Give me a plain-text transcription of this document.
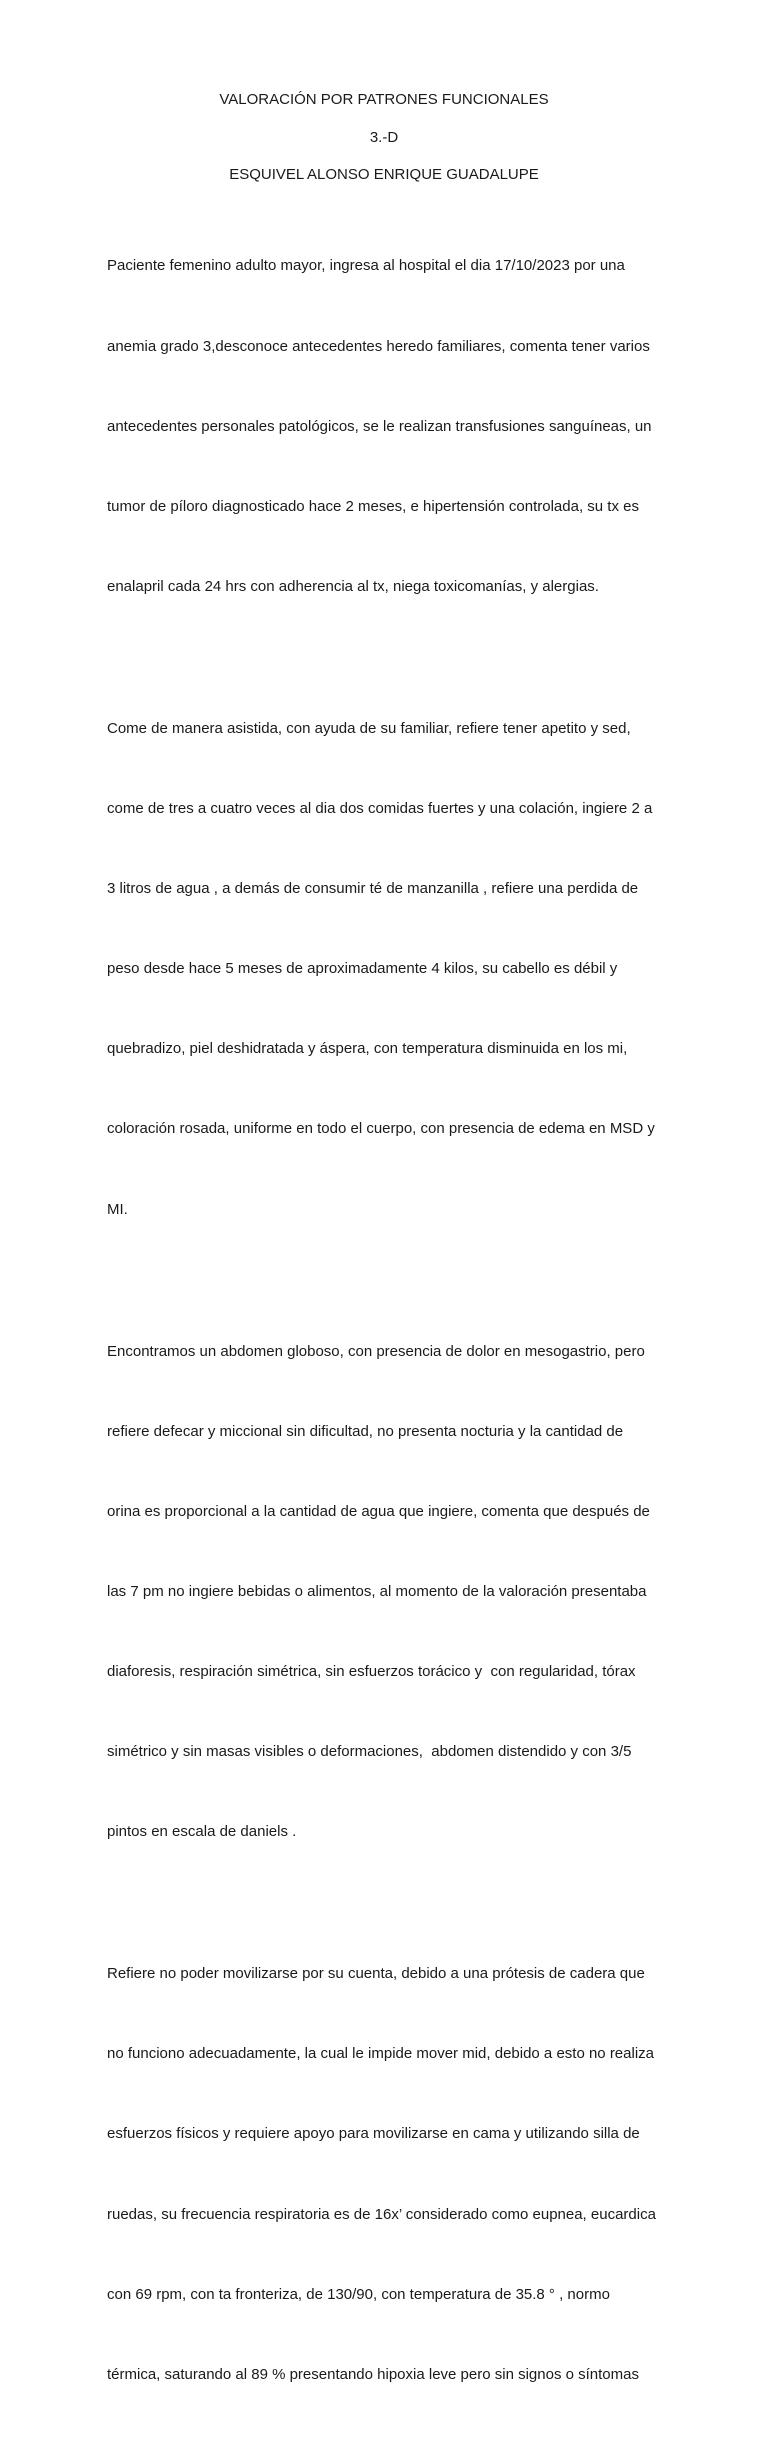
VALORACIÓN POR PATRONES FUNCIONALES
3.-D
ESQUIVEL ALONSO ENRIQUE GUADALUPE

Paciente femenino adulto mayor, ingresa al hospital el dia 17/10/2023 por una

anemia grado 3,desconoce antecedentes heredo familiares, comenta tener varios

antecedentes personales patológicos, se le realizan transfusiones sanguíneas, un

tumor de píloro diagnosticado hace 2 meses, e hipertensión controlada, su tx es

enalapril cada 24 hrs con adherencia al tx, niega toxicomanías, y alergias.

Come de manera asistida, con ayuda de su familiar, refiere tener apetito y sed,

come de tres a cuatro veces al dia dos comidas fuertes y una colación, ingiere 2 a

3 litros de agua , a demás de consumir té de manzanilla , refiere una perdida de

peso desde hace 5 meses de aproximadamente 4 kilos, su cabello es débil y

quebradizo, piel deshidratada y áspera, con temperatura disminuida en los mi,

coloración rosada, uniforme en todo el cuerpo, con presencia de edema en MSD y

MI.

Encontramos un abdomen globoso, con presencia de dolor en mesogastrio, pero

refiere defecar y miccional sin dificultad, no presenta nocturia y la cantidad de

orina es proporcional a la cantidad de agua que ingiere, comenta que después de

las 7 pm no ingiere bebidas o alimentos, al momento de la valoración presentaba

diaforesis, respiración simétrica, sin esfuerzos torácico y  con regularidad, tórax

simétrico y sin masas visibles o deformaciones,  abdomen distendido y con 3/5

pintos en escala de daniels .

Refiere no poder movilizarse por su cuenta, debido a una prótesis de cadera que

no funciono adecuadamente, la cual le impide mover mid, debido a esto no realiza

esfuerzos físicos y requiere apoyo para movilizarse en cama y utilizando silla de

ruedas, su frecuencia respiratoria es de 16x’ considerado como eupnea, eucardica

con 69 rpm, con ta fronteriza, de 130/90, con temperatura de 35.8 ° , normo

térmica, saturando al 89 % presentando hipoxia leve pero sin signos o síntomas
